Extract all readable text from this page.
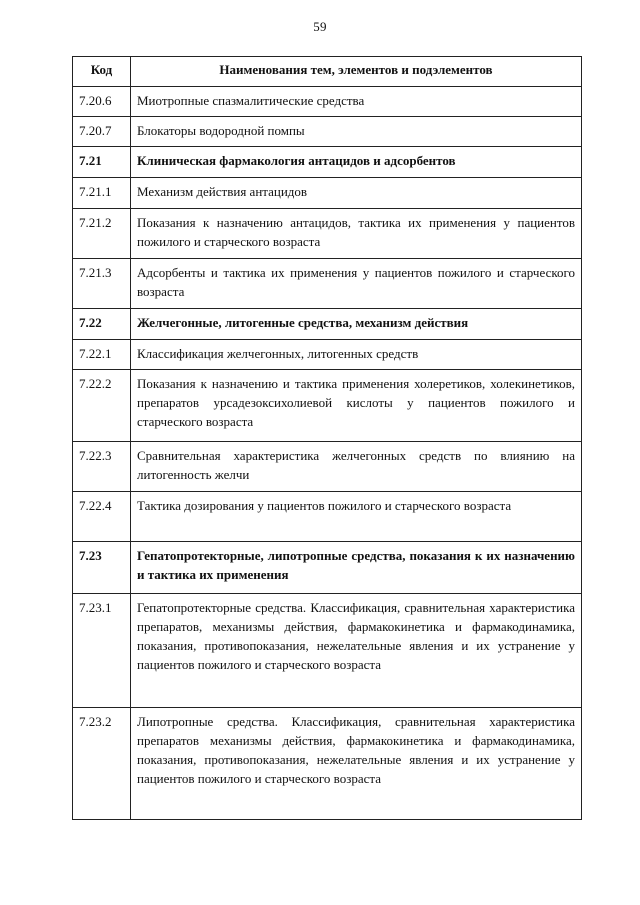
59
Код	Наименования тем, элементов и подэлементов
7.20.6	Миотропные спазмалитические средства
7.20.7	Блокаторы водородной помпы
7.21	Клиническая фармакология антацидов и адсорбентов
7.21.1	Механизм действия антацидов
7.21.2	Показания к назначению антацидов, тактика их применения у пациентов пожилого и старческого возраста
7.21.3	Адсорбенты и тактика их применения у пациентов пожилого и старческого возраста
7.22	Желчегонные, литогенные средства, механизм действия
7.22.1	Классификация желчегонных, литогенных средств
7.22.2	Показания к назначению и тактика применения холеретиков, холекинетиков, препаратов урсадезоксихолиевой кислоты у пациентов пожилого и старческого возраста
7.22.3	Сравнительная характеристика желчегонных средств по влиянию на литогенность желчи
7.22.4	Тактика дозирования у пациентов пожилого и старческого возраста
7.23	Гепатопротекторные, липотропные средства, показания к их назначению и тактика их применения
7.23.1	Гепатопротекторные средства. Классификация, сравнительная характеристика препаратов, механизмы действия, фармакокинетика и фармакодинамика, показания, противопоказания, нежелательные явления и их устранение у пациентов пожилого и старческого возраста
7.23.2	Липотропные средства. Классификация, сравнительная характеристика препаратов механизмы действия, фармакокинетика и фармакодинамика, показания, противопоказания, нежелательные явления и их устранение у пациентов пожилого и старческого возраста
